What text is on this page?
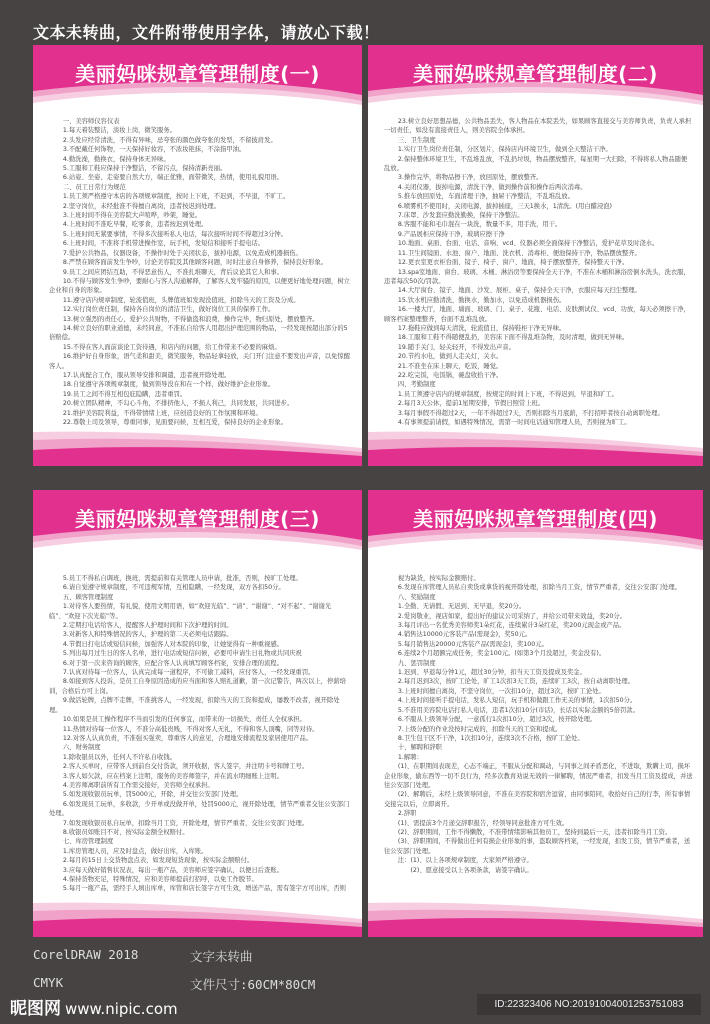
文本未转曲，文件附带使用字体，请放心下载！
美丽妈咪规章管理制度(一)

一、美容师仪容仪表

1.每天着装整洁，淡妆上岗，微笑服务。

2.头发应经常清洗，不得有异味，忌夸张的颜色做夸张的发型，不留披肩发。

3.不配戴任何饰物，一天保持好妆容，不浓妆艳抹，不涂指甲油。

4.勤洗澡，勤换衣，保持身体无异味。

5.工服和工鞋应保持干净整洁，不留污点，保持清新亮丽。

6.站姿、坐姿、走姿要自然大方，端正优雅，面带微笑，热情，使用礼貌用语。

二、员工日常行为规范

1.员工须严格遵守本店的各项规章制度，按时上下班，不迟到，不早退，不旷工。

2.坚守岗位，未经批准不得擅自离岗，违者按迟到处理。

3.上班时间不得在美容院大声喧哗，吵架，睡觉。

4.上班时间不准吃早餐，吃零食，违者按迟到处理。

5.上班时间无紧要事情，不得多次接听私人电话，每次接听时间不得超过3分钟。

6.上班时间，不准将手机带进操作室，玩手机，发短信和接听手提电话。

7.爱护公共物品，仪器设备，不操作时处于关闭状态，拔掉电源，以免造成机器损伤。

8.严禁在顾客面前发生争吵，讨论美容院及其他顾客问题，时时注意自身修养，保持良好形象。

9.员工之间应团结互助，不得恶意伤人，不准扎堆聊天，背后议论其它人和事。

10.不得与顾客发生争吵，要耐心与客人沟通解释，了解客人发牢骚的原因，以便更好地处理问题，树立企业和自身的形象。

11.遵守店内规章制度，轮流值班，头牌值班如发现没值班，扣除当天的工资及分成。

12.实行岗位责任制，保持各自岗位的清洁卫生，做好岗位工具的保养工作。

13.树立强烈的责任心，爱护公共财物，不得偷盗和浪费，操作完毕，物归原处，摆放整齐。

14.树立良好的职业道德，未经同意，不准私自给客人用超出护理范围的物品，一经发现按超出部分的5倍赔偿。

15.不得在客人面前谈论工资待遇，和店内的问题，给工作带来不必要的麻烦。

16.维护好自身形象，语气柔和甜美，微笑服务，物品轻拿轻放，关门开门注意不要发出声音，以免惊醒客人。

17.认真配合工作，服从领导安排和调遣，违者视开除处理。

18.自觉遵守各项规章制度，做到领导没在和在一个样，做好维护企业形象。

19.员工之间不得互相包庇隐瞒，违者重罚。

20.树立团队精神，不勾心斗角，不排挤他人，不损人利己，共同发展，共同进步。

21.维护美容院利益，不得带情绪上班，应创造良好的工作氛围和环境。

22.尊敬上司及领导，尊重同事，见面要问候，互相互爱，保持良好的企业形象。

美丽妈咪规章管理制度(二)

23.树立良好思想品德，公共物品丢失，客人物品在本院丢失，如果顾客直接交与美容师负责，负责人承担一切责任，如没有直接责任人，则美容院全体承担。

三、卫生制度

1.实行卫生岗位责任制，分区划片，保持店内环境卫生，做到全天整洁干净。

2.保持整体环境卫生，不乱堆乱放，不乱扔垃圾，物品摆放整齐，每星期一大扫除，不得将私人物品随便乱放。

3.操作完毕，将物品擦干净，放回原处，摆放整齐。

4.关闭仪器，拔掉电源，清洗干净，做到操作前和操作后两次消毒。

5.推车放回原处，车面清理干净，抽屉干净整洁，不乱堆乱放。

6.喷雾机不使用时，关闭电源，拔掉插座，三天1换水，1清洗。(用白醋浸泡)

7.床罩、沙发套应勤洗勤换，保持干净整洁。

8.客服不能和毛巾混在一块洗，数量不多，用手洗，用干。

9.产品展柜应保持干净，玻璃应擦干净

10.地面、桌面、台面、电话、音响、vcd、仪器必须全面保持干净整洁，爱护花草及时浇水。

11.卫生间镜面、水池、窗户、地面、洗衣机、消毒柜、便池保持干净，物品摆放整齐。

12.更衣室更衣柜台面、镜子、椅子、窗户、地面，椅子摆放整齐，保持整天干净。

13.spa室地面、窗台、玻璃、木桶、淋浴房等要保持全天干净，不准在木桶和淋浴房倒水洗头，洗衣服，违者每次50次/罚款。

14.大厅窗台、镜子、地面、沙发、展柜、桌子，保持全天干净，衣服应每天扫尘整理。

15.饮水机应勤清洗，勤换水，勤加水，以免造成机器损伤。

16.一楼大厅，地面、墙面、玻璃、门、桌子、花瓶、电话、皮肤测试仪、vcd、功放，每天必须擦干净，顾客档案整理整齐，台面不乱堆乱放。

17.拖鞋应做到每天清洗，轮流值日，保持鞋柜干净无异味。

18.工服和工鞋不得随便乱扔，美容床下面不得乱堆杂物，及时清理，做到无异味。

19.随手关门，轻关轻开，不得发出声音。

20.节约水电，做到人走关灯，关水。

21.不准坐在床上聊天，吃饭，睡觉。

22.吃完饭，电饭锅，碗盘收拾干净。

四、考勤制度

1.员工须遵守店内的规章制度，按规定的时间上下班，不得迟到，早退和旷工。

2.每月3天公休，提前1星期安排，节假日照常上班。

3.每月事假不得超过2天，一年不得超过7天，否则扣除当月底薪，不打招呼者按自动离职处理。

4.有事须提前请假，如遇特殊情况，需第一时间电话通知管理人员，否则视为旷工。

美丽妈咪规章管理制度(三)

5.员工不得私自调班，换班，需提前和有关管理人员申请，批准，否则，按旷工处理。

6.请自觉遵守规章制度，不可违规军情，互相隐瞒，一经发现，双方各扣50分。

五、顾客管理制度

1.对待客人要热情，有礼貌，使用文明用语，如“欢迎光临”、“请”、“谢谢”、“对不起”、“谢谢光临”、“欢迎下次光临”等。

2.定期打电话给客人，提醒客人护理时间和下次护理的时间。

3.对新客人和特殊情况的客人，护理的第二天必须电话跟踪。

4.节假日打电话或短信问候，加强客人对本院的印象，让她觉得有一种重视感。

5.列出每月过生日的客人名单，进行电话或短信问候，必要可申请生日礼物或共同庆祝

6.对于第一次来咨询的顾客，应配合客人认真填写顾客档案，安排合理的流程。

7.认真对待每一位客人，认真完成每一道程序，不可偷工减料，应付客人，一经发现重罚。

8.如接到客人投诉，是员工自身原因造成的应当面和客人赔礼道歉，第一次记警告，两次以上，停薪培训，合格后方可上岗。

9.做活轮牌，点牌不走牌，不准挑客人，一经发现，扣除当天的工资和提成，屡教不改者，视开除处理。

10.如果是员工操作程序不当而引发的任何事宜，而带来的一切损失，责任人全权承担。

11.热情对待每一位客人，不准分高低贵贱，不得对客人无礼，不得和客人顶嘴，同等对待。

12.对客人认真负责，不准强买强卖，尊重客人的意见，合理地安排流程及家居使用产品。

六、财务制度

1.除收银员以外，任何人不许私自收钱。

2.客人买单时，应带客人到前台交付货款，须开收据，客人签字，并注明卡号和牌工号。

3.客人如欠款，应在档案上注明，服务的美容师签字，并在流水明细账上注明。

4.美容师离职前所有工作需交接好，美容师全权承担。

5.如发现收银员玩单，罚5000元，开除，并交往公安部门处理。

6.如发现员工玩单，多收款，少开单或没做开单，处罚5000元，视开除处理，情节严重者交往公安部门处理。

7.如发现收银员私自玩单，扣除当月工资，开除处理，情节严重者，交往公安部门处理。

8.收银员如账目不对，按实际金额全权赔付。

七、库房管理制度

1.库房管理人员，应及时盘点，做好出库，入库账。

2.每月的15日上交货物盘点表，如发现短货现象，按实际金额赔付。

3.应每天做好销售状况表，每出一瓶产品，美容师应签字确认，以便日后查账。

4.保持货物充足，特殊情况，应和美容师提前打招呼，以免工作脱节。

5.每月一瓶产品，需经手人填出库单，库管和店长签字方可生效，增送产品，需有签字方可出库，否则

美丽妈咪规章管理制度(四)

视为缺货，按实际金额赔付。

6.发现在库管理人员私自卖货或拿货的视开除处理，扣除当月工资，情节严重者，交往公安部门处理。

八、奖励制度

1.全勤、无请假、无迟到、无早退，奖20分。

2.爱岗敬业，视店如家，提出好的建议公司采纳了，并给公司带来效益，奖20分。

3.每月评出一名优秀美容师奖1朵红花，连续累计3朵红花，奖200元现金或产品。

4.销售达10000元客装产品(需现金)，奖50元。

5.每月销售达20000元客装产品(需现金)，奖100元。

6.连续2个月超额完成任务，奖金100元。(如第3个月没超过，奖金没有)。

九、惩罚制度

1.迟到、早退每分钟1元，超过30分钟，扣当天工资及提成及奖金。

2.每月迟到3次，按旷工论处，旷工1次扣3天工资，连续旷工3次，按自动离职处理。

3.上班时间擅自离岗，不坚守岗位，一次扣10分，超过3次，按旷工论处。

4.上班时间接听手提电话，发私人短信，玩手机和做跟工作无关的事情，1次扣50分。

5.不准用美容院电话打私人电话，违者1次扣10分(市话)，长话以实际金额的5倍罚款。

6.不服从上级领导分配，一意孤行1次扣10分，超过3次，按开除处理。

7.上级分配的作业没按时完成的，扣除当天的工资和提成。

8.卫生包干区不干净，1次扣10分，连续3次不合格，按旷工论处。

十、解聘和辞职

1.解聘：

(1)、在职期间表现差，心态不端正，不服从分配和调动，与同事之间矛盾恶化，不进取，欺瞒上司，损坏企业形象，偷东西等一切不良行为，经多次教育劝说无效的一律解聘，情况严重者，扣发当月工资及提成，并送往公安部门处理。

(2)、解聘后，未经上级领导同意，不准在美容院和宿舍逗留，由同事陪同，收拾好自己的行李，所有事情交接完以后，立即离开。

2.辞职

(1)、需提前3个月递交辞职报告，经领导同意批准方可生效。

(2)、辞职期间，工作不得懒散，不准带情绪影响其他员工，坚持到最后一天，违者扣除当月工资。

(3)、辞职期间，不得做出任何有损企业形象的事，盗取顾客档案，一经发现，扣发工资，情节严重者，送往公安部门处理。

注：(1)、以上各项规章制度，大家须严格遵守。

　　(2)、愿意接受以上各项条款，请签字确认。

CorelDRAW 2018	文字未转曲
CMYK	文件尺寸:60CM*80CM
昵图网 www.nipic.com	ID:22323406 NO:20191004001253751083
